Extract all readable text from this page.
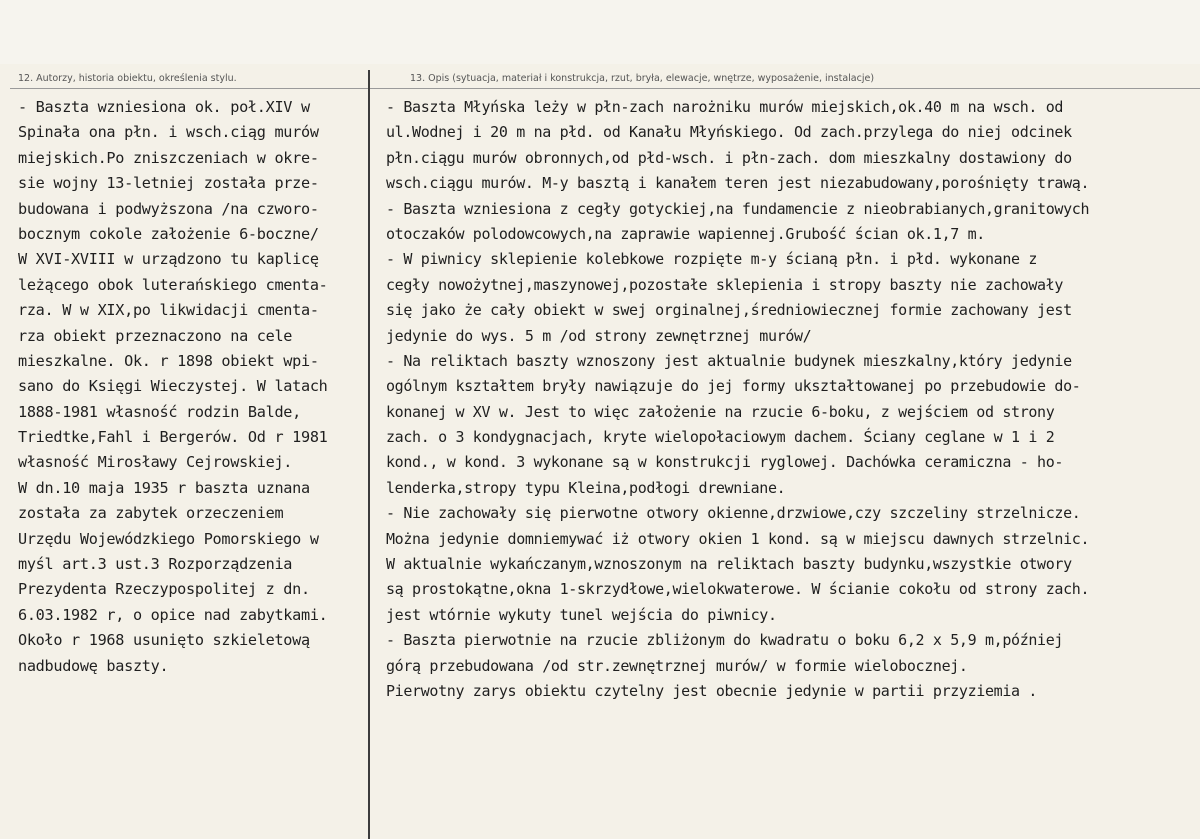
12. Autorzy, historia obiektu, określenia stylu.	13. Opis (sytuacja, materiał i konstrukcja, rzut, bryła, elewacje, wnętrze, wyposażenie, instalacje)
- Baszta wzniesiona ok. poł.XIV w
Spinała ona płn. i wsch.ciąg murów
miejskich.Po zniszczeniach w okre-
sie wojny 13-letniej została prze-
budowana i podwyższona /na czworo-
bocznym cokole założenie 6-boczne/
W XVI-XVIII w urządzono tu kaplicę
leżącego obok luterańskiego cmenta-
rza. W w XIX,po likwidacji cmenta-
rza obiekt przeznaczono na cele
mieszkalne. Ok. r 1898 obiekt wpi-
sano do Księgi Wieczystej. W latach
1888-1981 własność rodzin Balde,
Triedtke,Fahl i Bergerów. Od r 1981
własność Mirosławy Cejrowskiej.
W dn.10 maja 1935 r baszta uznana
została za zabytek orzeczeniem
Urzędu Wojewódzkiego Pomorskiego w
myśl art.3 ust.3 Rozporządzenia
Prezydenta Rzeczypospolitej z dn.
6.03.1982 r, o opice nad zabytkami.
Około r 1968 usunięto szkieletową
nadbudowę baszty.
- Baszta Młyńska leży w płn-zach narożniku murów miejskich,ok.40 m na wsch. od
ul.Wodnej i 20 m na płd. od Kanału Młyńskiego. Od zach.przylega do niej odcinek
płn.ciągu murów obronnych,od płd-wsch. i płn-zach. dom mieszkalny dostawiony do
wsch.ciągu murów. M-y basztą i kanałem teren jest niezabudowany,porośnięty trawą.
- Baszta wzniesiona z cegły gotyckiej,na fundamencie z nieobrabianych,granitowych
otoczaków polodowcowych,na zaprawie wapiennej.Grubość ścian ok.1,7 m.
- W piwnicy sklepienie kolebkowe rozpięte m-y ścianą płn. i płd. wykonane z
cegły nowożytnej,maszynowej,pozostałe sklepienia i stropy baszty nie zachowały
się jako że cały obiekt w swej orginalnej,średniowiecznej formie zachowany jest
jedynie do wys. 5 m /od strony zewnętrznej murów/
- Na reliktach baszty wznoszony jest aktualnie budynek mieszkalny,który jedynie
ogólnym kształtem bryły nawiązuje do jej formy ukształtowanej po przebudowie do-
konanej w XV w. Jest to więc założenie na rzucie 6-boku, z wejściem od strony
zach. o 3 kondygnacjach, kryte wielopołaciowym dachem. Ściany ceglane w 1 i 2
kond., w kond. 3 wykonane są w konstrukcji ryglowej. Dachówka ceramiczna - ho-
lenderka,stropy typu Kleina,podłogi drewniane.
- Nie zachowały się pierwotne otwory okienne,drzwiowe,czy szczeliny strzelnicze.
Można jedynie domniemywać iż otwory okien 1 kond. są w miejscu dawnych strzelnic.
W aktualnie wykańczanym,wznoszonym na reliktach baszty budynku,wszystkie otwory
są prostokątne,okna 1-skrzydłowe,wielokwaterowe. W ścianie cokołu od strony zach.
jest wtórnie wykuty tunel wejścia do piwnicy.
- Baszta pierwotnie na rzucie zbliżonym do kwadratu o boku 6,2 x 5,9 m,później
górą przebudowana /od str.zewnętrznej murów/ w formie wielobocznej.
Pierwotny zarys obiektu czytelny jest obecnie jedynie w partii przyziemia .
